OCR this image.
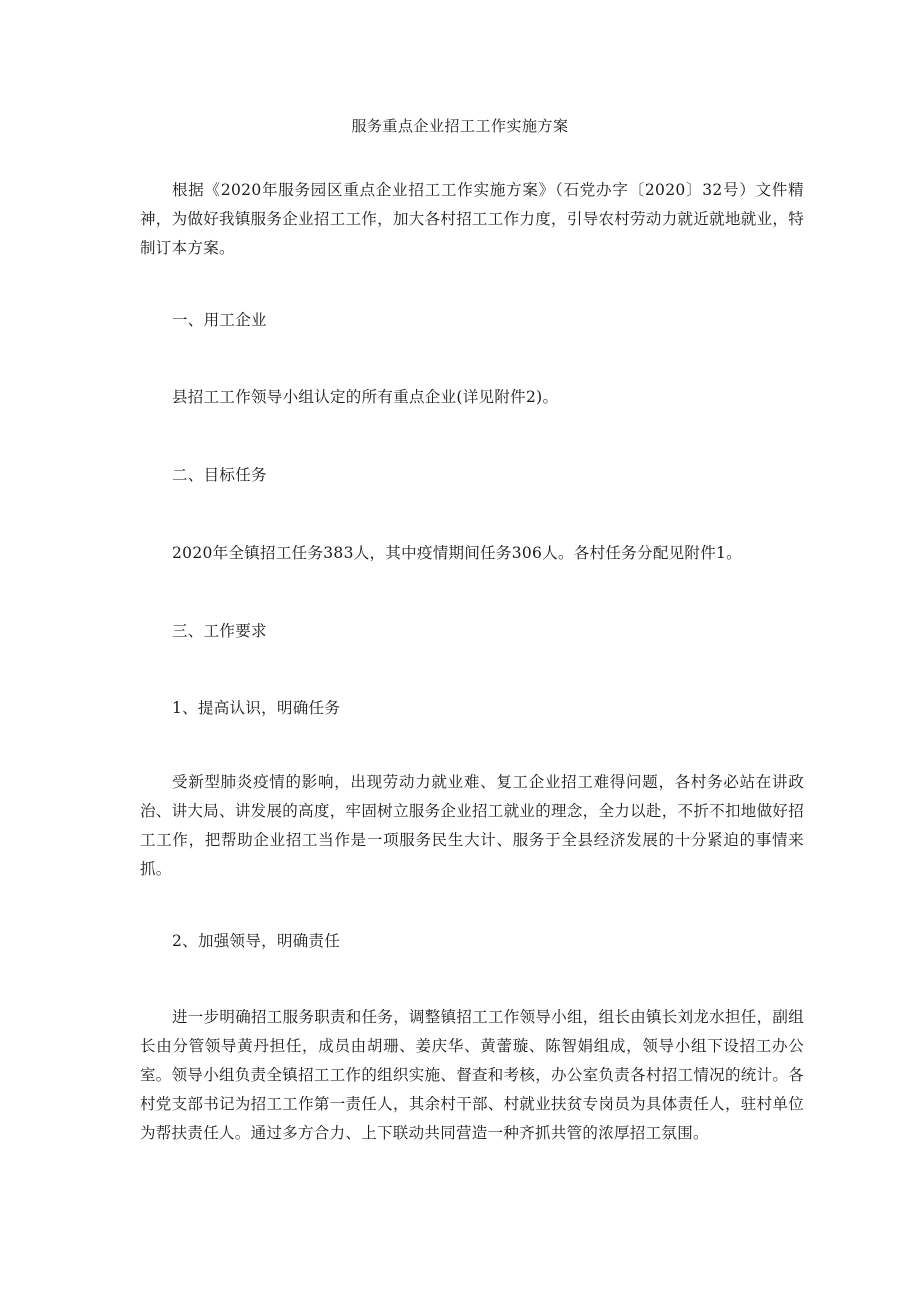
服务重点企业招工工作实施方案
根据《2020年服务园区重点企业招工工作实施方案》（石党办字〔2020〕32号）文件精神，为做好我镇服务企业招工工作，加大各村招工工作力度，引导农村劳动力就近就地就业，特制订本方案。
一、用工企业
县招工工作领导小组认定的所有重点企业(详见附件2)。
二、目标任务
2020年全镇招工任务383人，其中疫情期间任务306人。各村任务分配见附件1。
三、工作要求
1、提高认识，明确任务
受新型肺炎疫情的影响，出现劳动力就业难、复工企业招工难得问题，各村务必站在讲政治、讲大局、讲发展的高度，牢固树立服务企业招工就业的理念，全力以赴，不折不扣地做好招工工作，把帮助企业招工当作是一项服务民生大计、服务于全县经济发展的十分紧迫的事情来抓。
2、加强领导，明确责任
进一步明确招工服务职责和任务，调整镇招工工作领导小组，组长由镇长刘龙水担任，副组长由分管领导黄丹担任，成员由胡珊、姜庆华、黄蕾璇、陈智娟组成，领导小组下设招工办公室。领导小组负责全镇招工工作的组织实施、督查和考核，办公室负责各村招工情况的统计。各村党支部书记为招工工作第一责任人，其余村干部、村就业扶贫专岗员为具体责任人，驻村单位为帮扶责任人。通过多方合力、上下联动共同营造一种齐抓共管的浓厚招工氛围。
